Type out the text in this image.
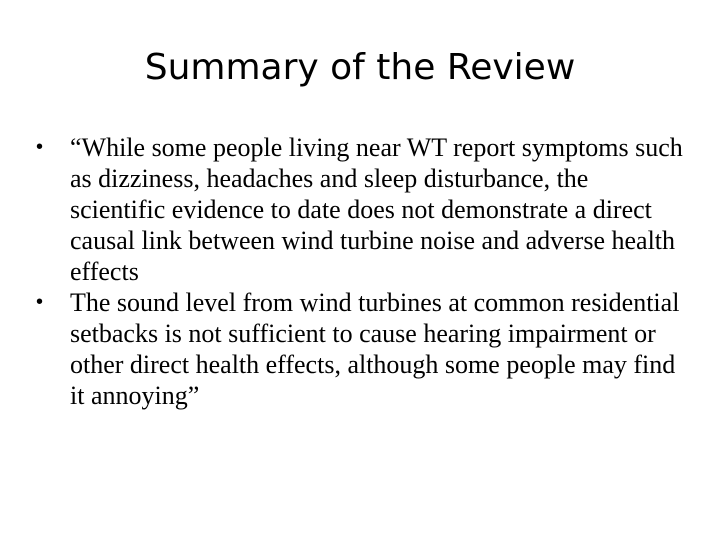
Summary of the Review
•	“While some people living near WT report symptoms such as dizziness, headaches and sleep disturbance, the scientific evidence to date does not demonstrate a direct causal link between wind turbine noise and adverse health effects
•	The sound level from wind turbines at common residential setbacks is not sufficient to cause hearing impairment or other direct health effects, although some people may find it annoying”
